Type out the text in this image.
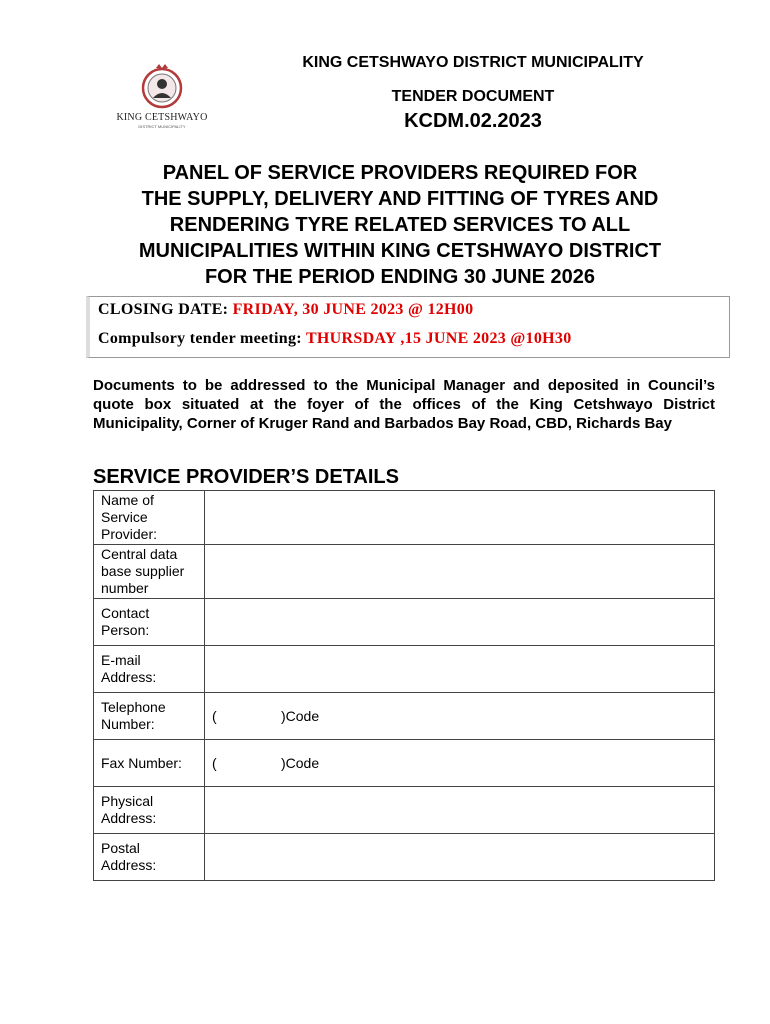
KING CETSHWAYO
DISTRICT MUNICIPALITY
KING CETSHWAYO DISTRICT MUNICIPALITY
TENDER DOCUMENT
KCDM.02.2023
PANEL OF SERVICE PROVIDERS REQUIRED FOR
THE SUPPLY, DELIVERY AND FITTING OF TYRES AND
RENDERING TYRE RELATED SERVICES TO ALL
MUNICIPALITIES WITHIN KING CETSHWAYO DISTRICT
FOR THE PERIOD ENDING 30 JUNE 2026
CLOSING DATE: FRIDAY, 30 JUNE 2023 @ 12H00
Compulsory tender meeting: THURSDAY ,15 JUNE 2023 @10H30
Documents to be addressed to the Municipal Manager and deposited in Council’s quote box situated at the foyer of the offices of the King Cetshwayo District Municipality, Corner of Kruger Rand and Barbados Bay Road, CBD, Richards Bay
SERVICE PROVIDER’S DETAILS
Name of Service Provider:	
Central data base supplier number	
Contact Person:	
E-mail Address:	
Telephone Number:	( )Code

Fax Number:	( )Code

Physical Address:	
Postal Address:	
